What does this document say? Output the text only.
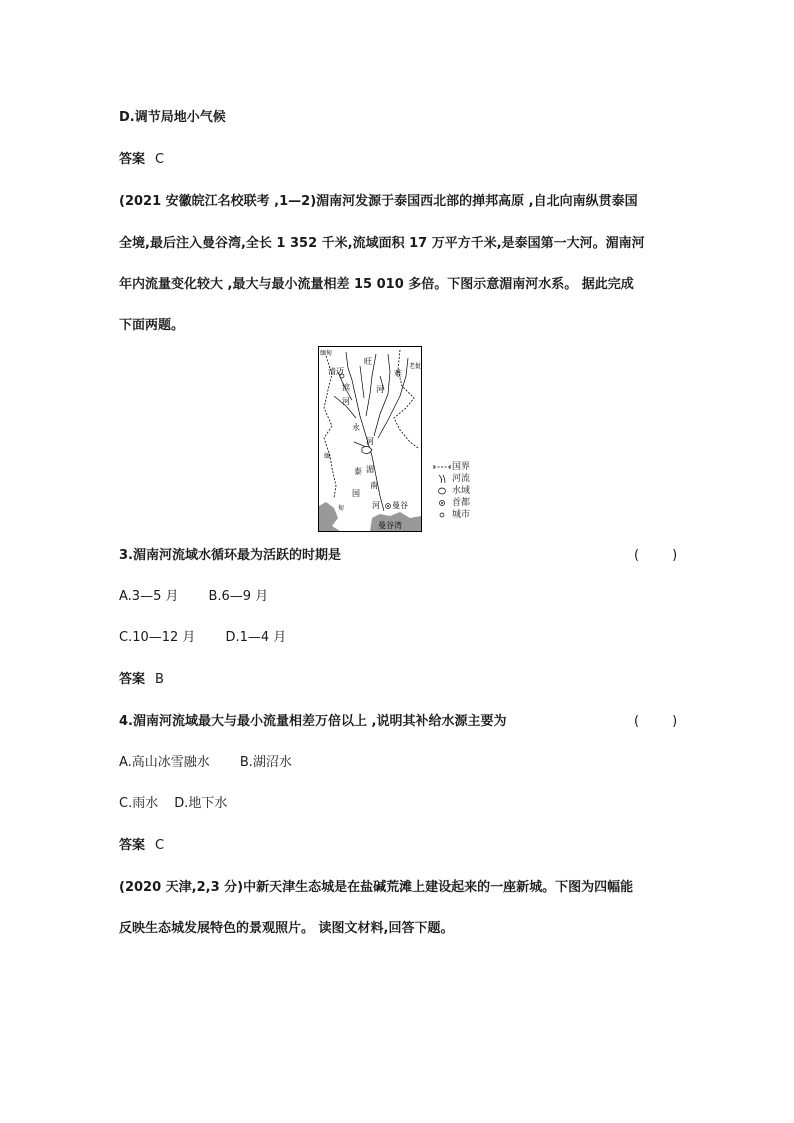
D.调节局地小气候
答案 C
(2021 安徽皖江名校联考 ,1—2)湄南河发源于泰国西北部的掸邦高原 ,自北向南纵贯泰国
全境,最后注入曼谷湾,全长 1 352 千米,流域面积 17 万平方千米,是泰国第一大河。湄南河
年内流量变化较大 ,最大与最小流量相差 15 010 多倍。下图示意湄南河水系。 据此完成
下面两题。
缅甸
清迈
旺
难
老挝
滨
河
永
河
河
泰 湄
缅
甸
南
国
河 曼谷
曼谷湾
国界
河流
水域
首都
城市
3.湄南河流域水循环最为活跃的时期是	(        )
A.3—5 月 B.6—9 月
C.10—12 月 D.1—4 月
答案 B
4.湄南河流域最大与最小流量相差万倍以上 ,说明其补给水源主要为	(        )
A.高山冰雪融水 B.湖沼水
C.雨水 D.地下水
答案 C
(2020 天津,2,3 分)中新天津生态城是在盐碱荒滩上建设起来的一座新城。下图为四幅能
反映生态城发展特色的景观照片。 读图文材料,回答下题。
